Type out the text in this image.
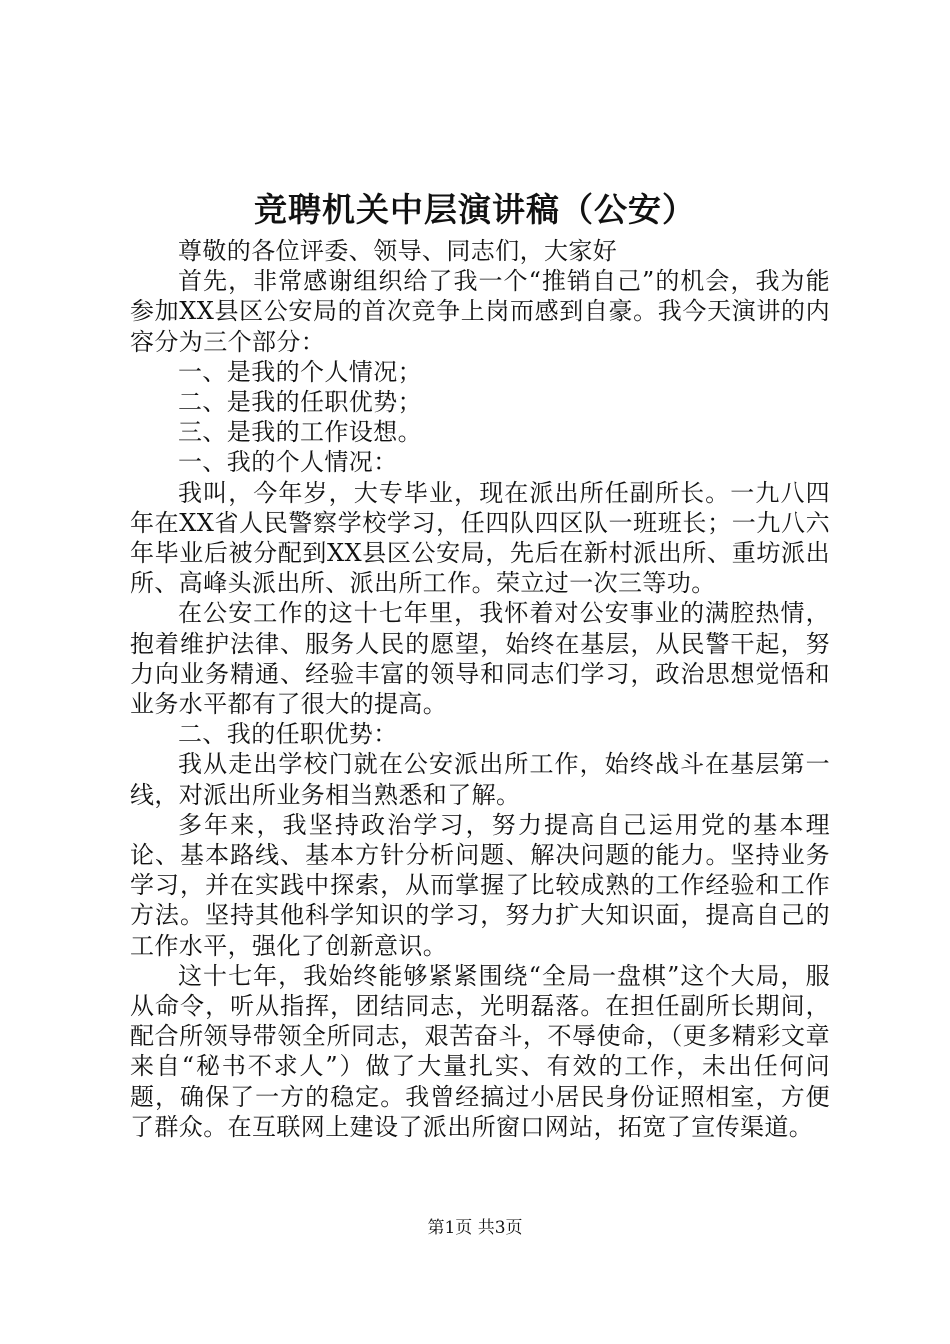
竞聘机关中层演讲稿（公安）

尊敬的各位评委、领导、同志们，大家好

首先，非常感谢组织给了我一个“推销自己”的机会，我为能参加XX县区公安局的首次竞争上岗而感到自豪。我今天演讲的内容分为三个部分：

一、是我的个人情况；

二、是我的任职优势；

三、是我的工作设想。

一、我的个人情况：

我叫，今年岁，大专毕业，现在派出所任副所长。一九八四年在XX省人民警察学校学习，任四队四区队一班班长；一九八六年毕业后被分配到XX县区公安局，先后在新村派出所、重坊派出所、高峰头派出所、派出所工作。荣立过一次三等功。

在公安工作的这十七年里，我怀着对公安事业的满腔热情，抱着维护法律、服务人民的愿望，始终在基层，从民警干起，努力向业务精通、经验丰富的领导和同志们学习，政治思想觉悟和业务水平都有了很大的提高。

二、我的任职优势：

我从走出学校门就在公安派出所工作，始终战斗在基层第一线，对派出所业务相当熟悉和了解。

多年来，我坚持政治学习，努力提高自己运用党的基本理论、基本路线、基本方针分析问题、解决问题的能力。坚持业务学习，并在实践中探索，从而掌握了比较成熟的工作经验和工作方法。坚持其他科学知识的学习，努力扩大知识面，提高自己的工作水平，强化了创新意识。

这十七年，我始终能够紧紧围绕“全局一盘棋”这个大局，服从命令，听从指挥，团结同志，光明磊落。在担任副所长期间，配合所领导带领全所同志，艰苦奋斗，不辱使命，（更多精彩文章来自“秘书不求人”）做了大量扎实、有效的工作，未出任何问题，确保了一方的稳定。我曾经搞过小居民身份证照相室，方便了群众。在互联网上建设了派出所窗口网站，拓宽了宣传渠道。

第1页 共3页
